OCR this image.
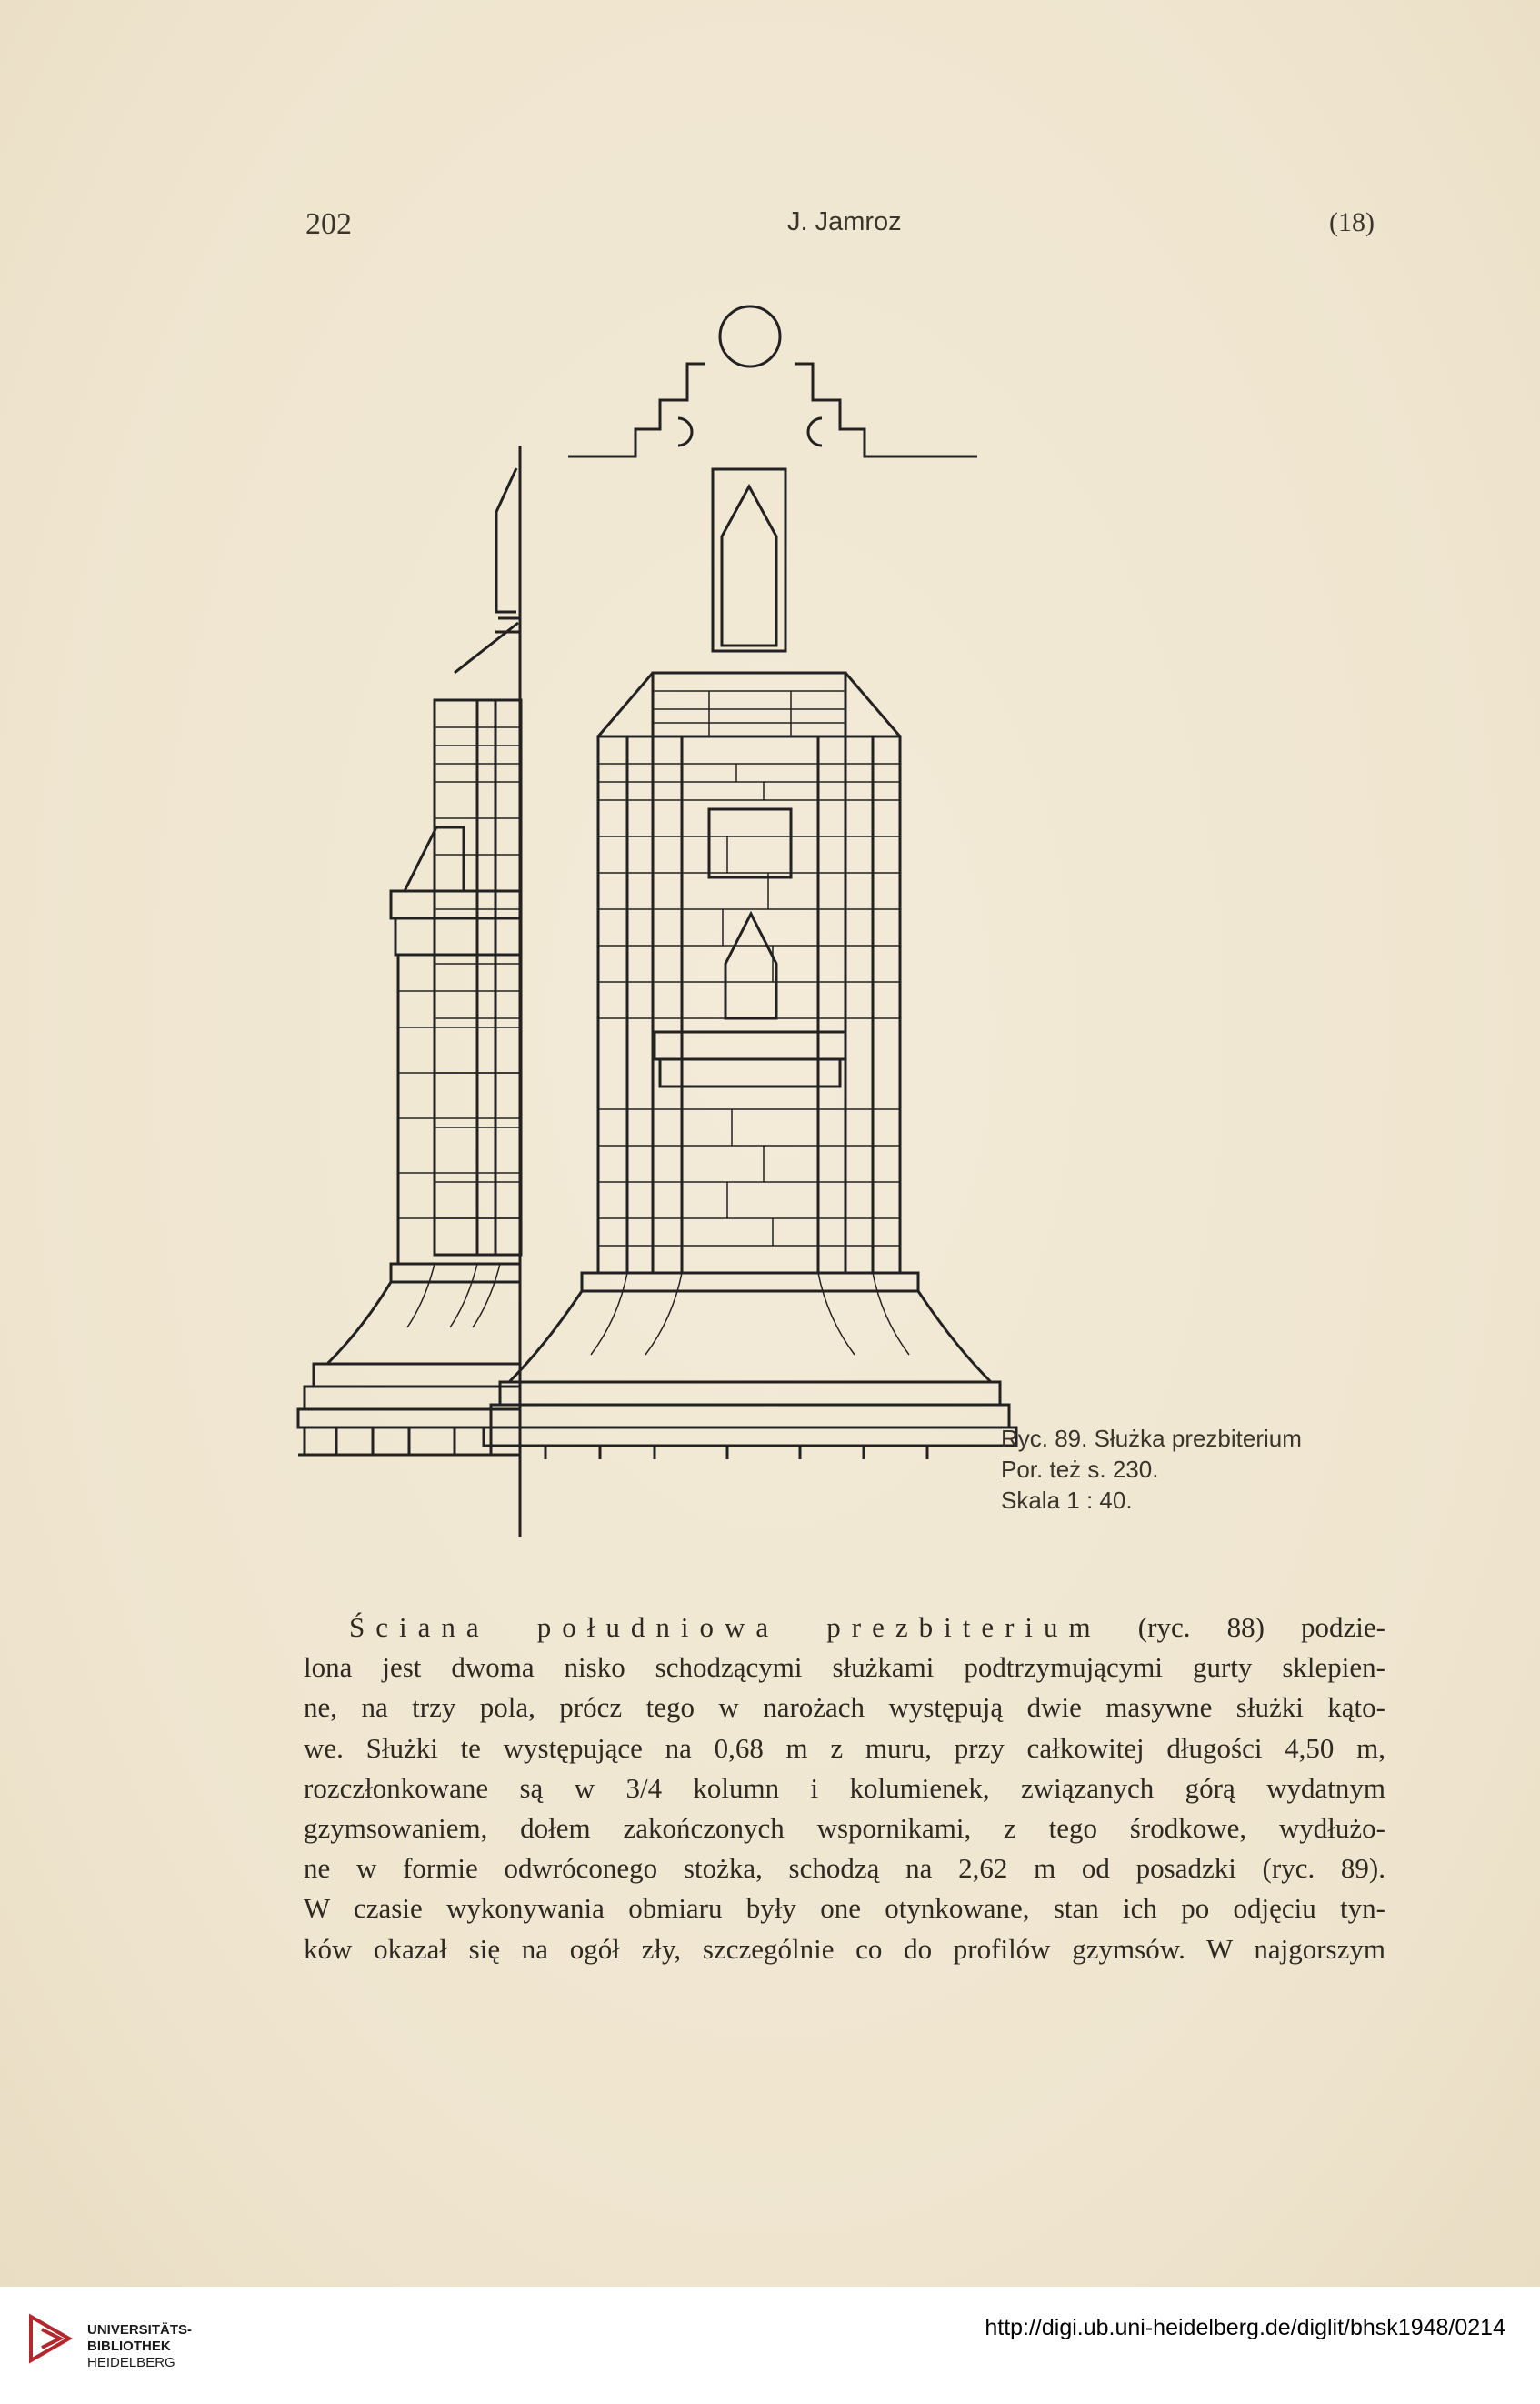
202	J. Jamroz	(18)
Ryc. 89. Służka prezbiterium
Por. też s. 230.
Skala 1 : 40.
Ściana południowa prezbiterium (ryc. 88) podzie-
lona jest dwoma nisko schodzącymi służkami podtrzymującymi gurty sklepien-
ne, na trzy pola, prócz tego w narożach występują dwie masywne służki kąto-
we. Służki te występujące na 0,68 m z muru, przy całkowitej długości 4,50 m,
rozczłonkowane są w 3/4 kolumn i kolumienek, związanych górą wydatnym
gzymsowaniem, dołem zakończonych wspornikami, z tego środkowe, wydłużo-
ne w formie odwróconego stożka, schodzą na 2,62 m od posadzki (ryc. 89).
W czasie wykonywania obmiaru były one otynkowane, stan ich po odjęciu tyn-
ków okazał się na ogół zły, szczególnie co do profilów gzymsów. W najgorszym
UNIVERSITÄTS-
BIBLIOTHEK
HEIDELBERG
http://digi.ub.uni-heidelberg.de/diglit/bhsk1948/0214
